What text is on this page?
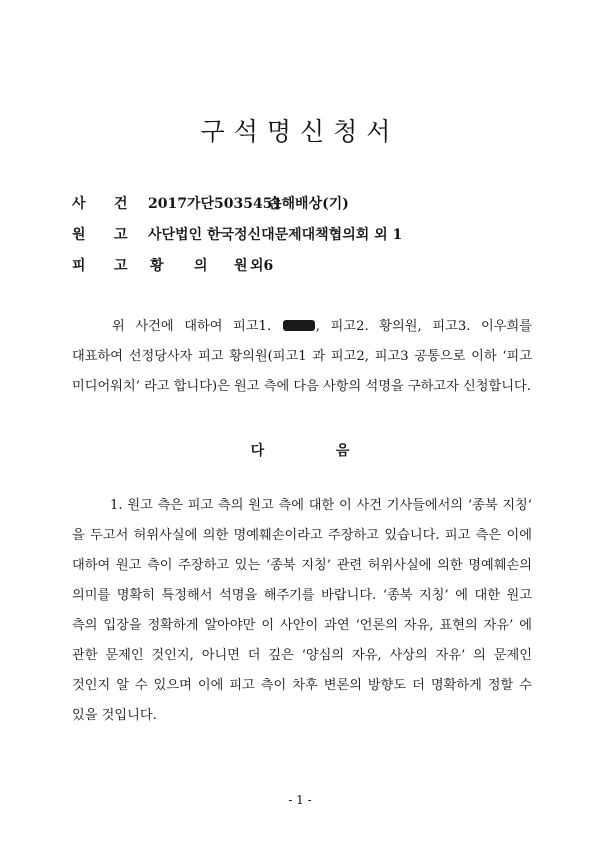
구석명신청서
사 건 2017가단5035451
손해배상(기)
원 고 사단법인 한국정신대문제대책협의회 외 1
피 고 황 의 원 외6

위 사건에 대하여 피고1.	, 피고2. 황의원, 피고3. 이우희를 대표하여 선정당사자 피고 황의원(피고1 과 피고2, 피고3 공통으로 이하 ‘피고 미디어워치’ 라고 합니다)은 원고 측에 다음 사항의 석명을 구하고자 신청합니다.

다	음

1. 원고 측은 피고 측의 원고 측에 대한 이 사건 기사들에서의 ‘종북 지칭’ 을 두고서 허위사실에 의한 명예훼손이라고 주장하고 있습니다. 피고 측은 이에 대하여 원고 측이 주장하고 있는 ‘종북 지칭’ 관련 허위사실에 의한 명예훼손의 의미를 명확히 특정해서 석명을 해주기를 바랍니다. ‘종북 지칭’ 에 대한 원고 측의 입장을 정확하게 알아야만 이 사안이 과연 ‘언론의 자유, 표현의 자유’ 에 관한 문제인 것인지, 아니면 더 깊은 ‘양심의 자유, 사상의 자유’ 의 문제인 것인지 알 수 있으며 이에 피고 측이 차후 변론의 방향도 더 명확하게 정할 수 있을 것입니다.

- 1 -
